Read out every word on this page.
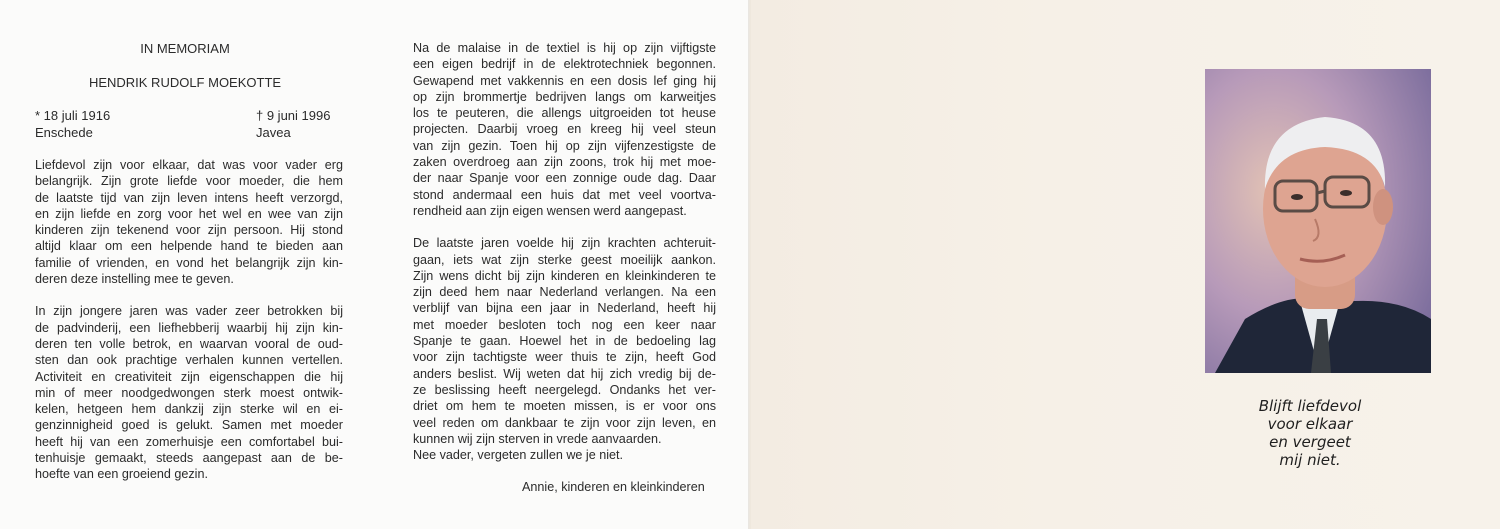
IN MEMORIAM
HENDRIK RUDOLF MOEKOTTE
* 18 juli 1916
Enschede
† 9 juni 1996
Javea

Liefdevol zijn voor elkaar, dat was voor vader erg
belangrijk. Zijn grote liefde voor moeder, die hem
de laatste tijd van zijn leven intens heeft verzorgd,
en zijn liefde en zorg voor het wel en wee van zijn
kinderen zijn tekenend voor zijn persoon. Hij stond
altijd klaar om een helpende hand te bieden aan
familie of vrienden, en vond het belangrijk zijn kin-
deren deze instelling mee te geven.

In zijn jongere jaren was vader zeer betrokken bij
de padvinderij, een liefhebberij waarbij hij zijn kin-
deren ten volle betrok, en waarvan vooral de oud-
sten dan ook prachtige verhalen kunnen vertellen.
Activiteit en creativiteit zijn eigenschappen die hij
min of meer noodgedwongen sterk moest ontwik-
kelen, hetgeen hem dankzij zijn sterke wil en ei-
genzinnigheid goed is gelukt. Samen met moeder
heeft hij van een zomerhuisje een comfortabel bui-
tenhuisje gemaakt, steeds aangepast aan de be-
hoefte van een groeiend gezin.

Na de malaise in de textiel is hij op zijn vijftigste
een eigen bedrijf in de elektrotechniek begonnen.
Gewapend met vakkennis en een dosis lef ging hij
op zijn brommertje bedrijven langs om karweitjes
los te peuteren, die allengs uitgroeiden tot heuse
projecten. Daarbij vroeg en kreeg hij veel steun
van zijn gezin. Toen hij op zijn vijfenzestigste de
zaken overdroeg aan zijn zoons, trok hij met moe-
der naar Spanje voor een zonnige oude dag. Daar
stond andermaal een huis dat met veel voortva-
rendheid aan zijn eigen wensen werd aangepast.

De laatste jaren voelde hij zijn krachten achteruit-
gaan, iets wat zijn sterke geest moeilijk aankon.
Zijn wens dicht bij zijn kinderen en kleinkinderen te
zijn deed hem naar Nederland verlangen. Na een
verblijf van bijna een jaar in Nederland, heeft hij
met moeder besloten toch nog een keer naar
Spanje te gaan. Hoewel het in de bedoeling lag
voor zijn tachtigste weer thuis te zijn, heeft God
anders beslist. Wij weten dat hij zich vredig bij de-
ze beslissing heeft neergelegd. Ondanks het ver-
driet om hem te moeten missen, is er voor ons
veel reden om dankbaar te zijn voor zijn leven, en
kunnen wij zijn sterven in vrede aanvaarden.
Nee vader, vergeten zullen we je niet.

Annie, kinderen en kleinkinderen
Blijft liefdevol
voor elkaar
en vergeet
mij niet.
